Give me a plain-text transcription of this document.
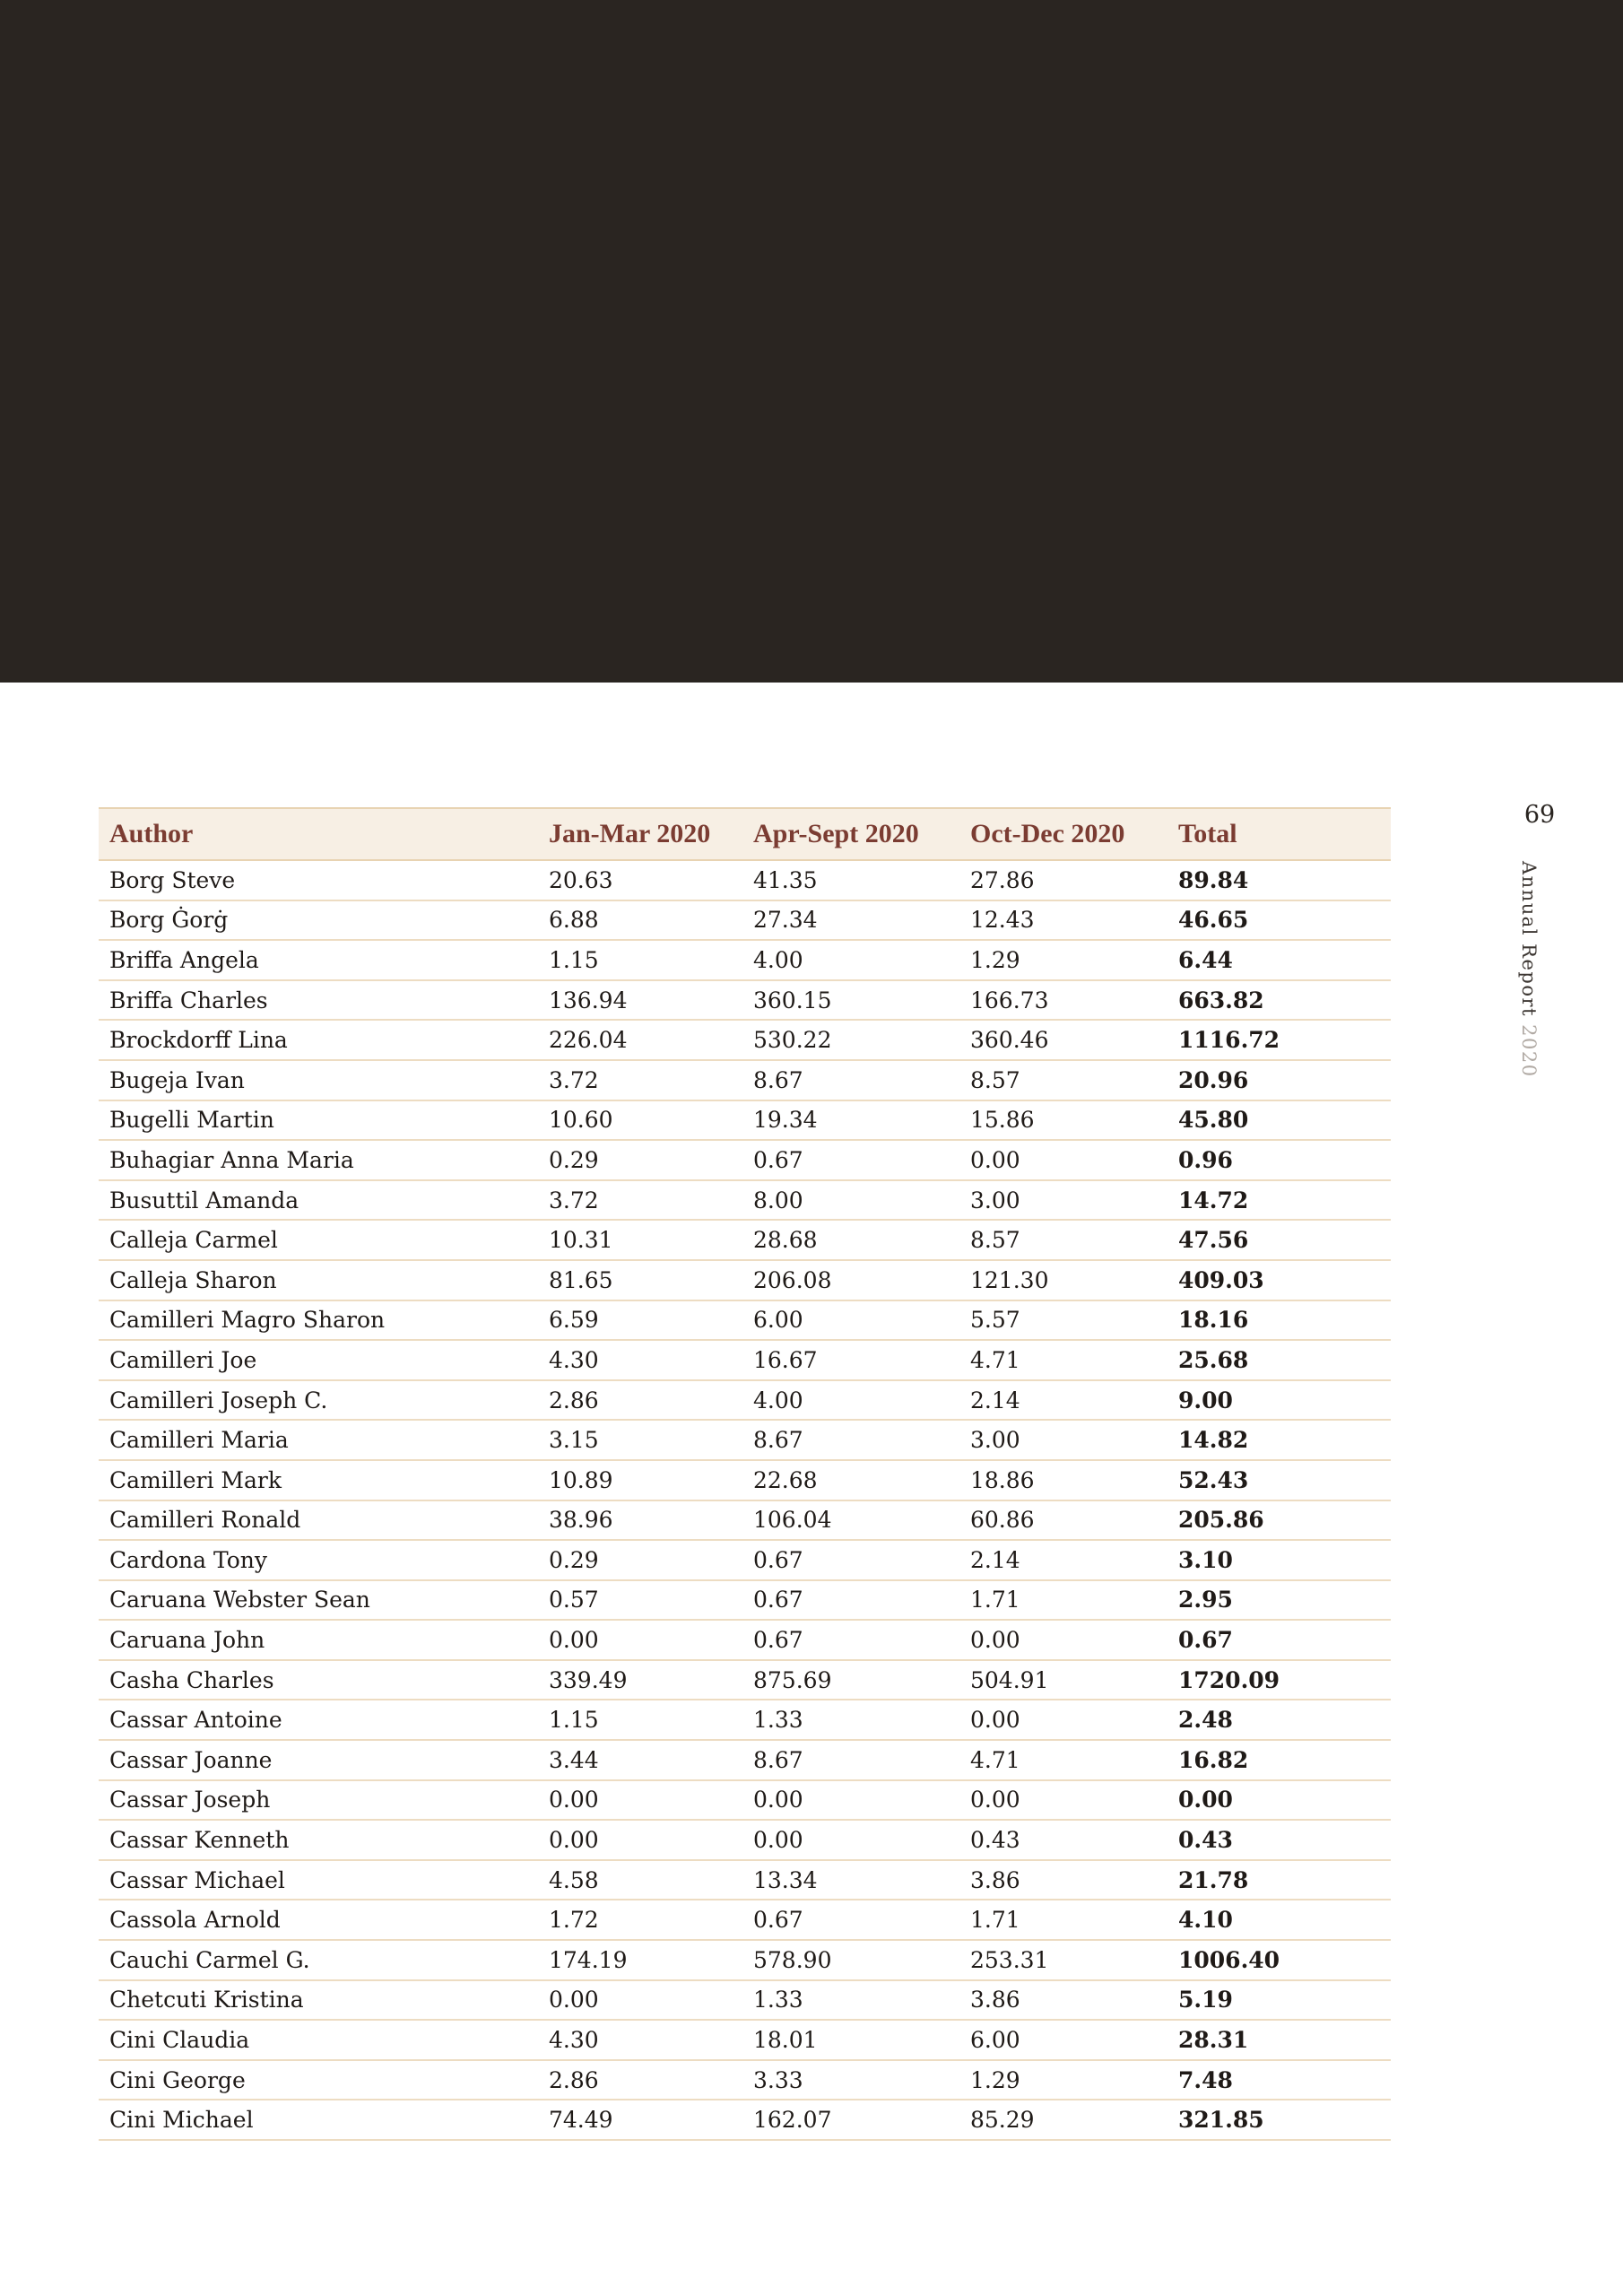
69
Annual Report 2020
Author	Jan-Mar 2020	Apr-Sept 2020	Oct-Dec 2020	Total
Borg Steve	20.63	41.35	27.86	89.84
Borg Ġorġ	6.88	27.34	12.43	46.65
Briffa Angela	1.15	4.00	1.29	6.44
Briffa Charles	136.94	360.15	166.73	663.82
Brockdorff Lina	226.04	530.22	360.46	1116.72
Bugeja Ivan	3.72	8.67	8.57	20.96
Bugelli Martin	10.60	19.34	15.86	45.80
Buhagiar Anna Maria	0.29	0.67	0.00	0.96
Busuttil Amanda	3.72	8.00	3.00	14.72
Calleja Carmel	10.31	28.68	8.57	47.56
Calleja Sharon	81.65	206.08	121.30	409.03
Camilleri Magro Sharon	6.59	6.00	5.57	18.16
Camilleri Joe	4.30	16.67	4.71	25.68
Camilleri Joseph C.	2.86	4.00	2.14	9.00
Camilleri Maria	3.15	8.67	3.00	14.82
Camilleri Mark	10.89	22.68	18.86	52.43
Camilleri Ronald	38.96	106.04	60.86	205.86
Cardona Tony	0.29	0.67	2.14	3.10
Caruana Webster Sean	0.57	0.67	1.71	2.95
Caruana John	0.00	0.67	0.00	0.67
Casha Charles	339.49	875.69	504.91	1720.09
Cassar Antoine	1.15	1.33	0.00	2.48
Cassar Joanne	3.44	8.67	4.71	16.82
Cassar Joseph	0.00	0.00	0.00	0.00
Cassar Kenneth	0.00	0.00	0.43	0.43
Cassar Michael	4.58	13.34	3.86	21.78
Cassola Arnold	1.72	0.67	1.71	4.10
Cauchi Carmel G.	174.19	578.90	253.31	1006.40
Chetcuti Kristina	0.00	1.33	3.86	5.19
Cini Claudia	4.30	18.01	6.00	28.31
Cini George	2.86	3.33	1.29	7.48
Cini Michael	74.49	162.07	85.29	321.85
